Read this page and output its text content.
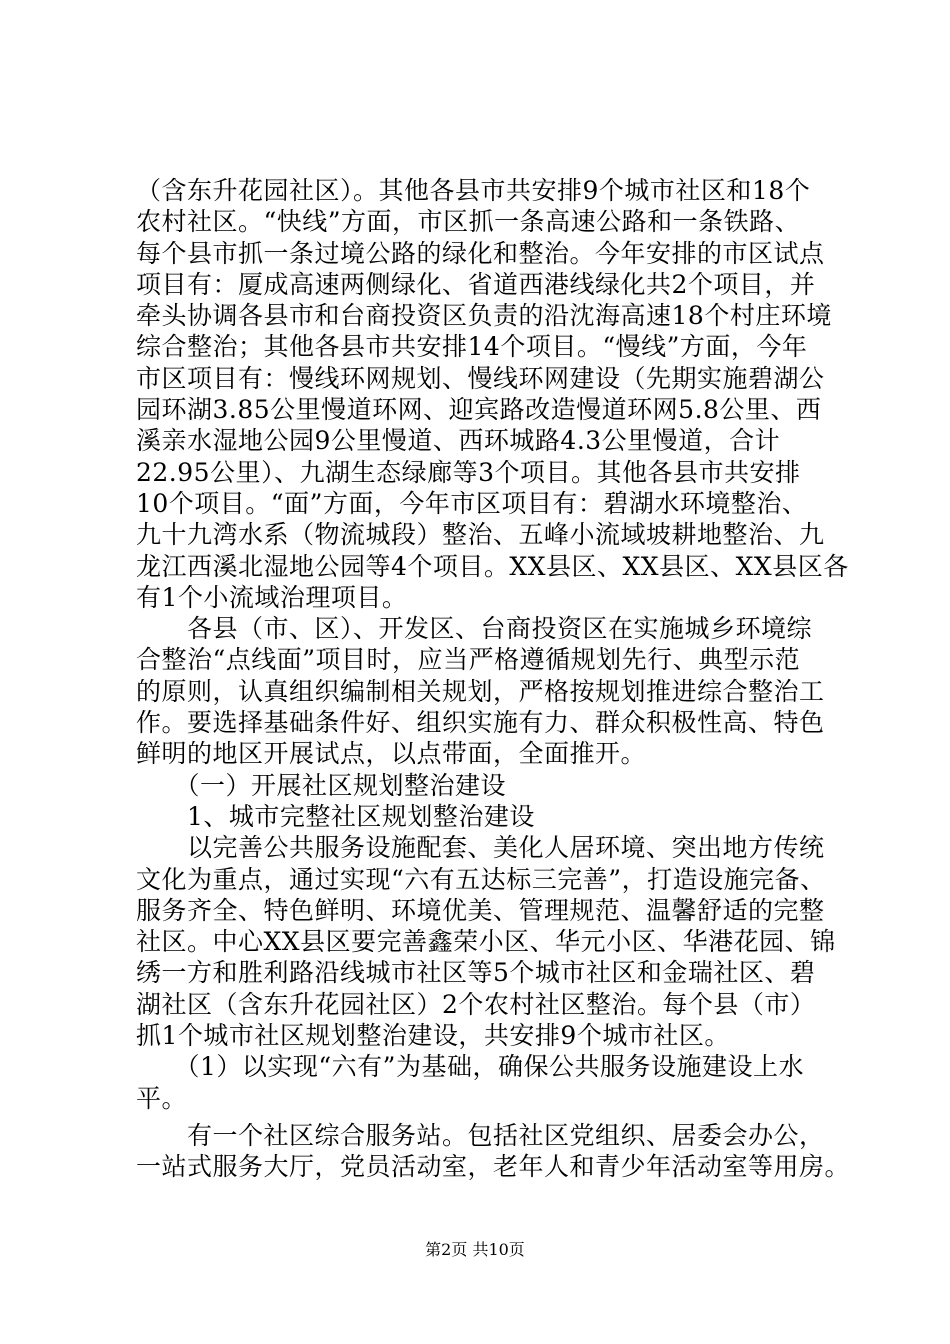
（含东升花园社区）。其他各县市共安排9个城市社区和18个
农村社区。“快线”方面，市区抓一条高速公路和一条铁路、
每个县市抓一条过境公路的绿化和整治。今年安排的市区试点
项目有：厦成高速两侧绿化、省道西港线绿化共2个项目，并
牵头协调各县市和台商投资区负责的沿沈海高速18个村庄环境
综合整治；其他各县市共安排14个项目。“慢线”方面，今年
市区项目有：慢线环网规划、慢线环网建设（先期实施碧湖公
园环湖3.85公里慢道环网、迎宾路改造慢道环网5.8公里、西
溪亲水湿地公园9公里慢道、西环城路4.3公里慢道，合计
22.95公里）、九湖生态绿廊等3个项目。其他各县市共安排
10个项目。“面”方面，今年市区项目有：碧湖水环境整治、
九十九湾水系（物流城段）整治、五峰小流域坡耕地整治、九
龙江西溪北湿地公园等4个项目。XX县区、XX县区、XX县区各
有1个小流域治理项目。
　　各县（市、区）、开发区、台商投资区在实施城乡环境综
合整治“点线面”项目时，应当严格遵循规划先行、典型示范
的原则，认真组织编制相关规划，严格按规划推进综合整治工
作。要选择基础条件好、组织实施有力、群众积极性高、特色
鲜明的地区开展试点，以点带面，全面推开。
　　（一）开展社区规划整治建设
　　1、城市完整社区规划整治建设
　　以完善公共服务设施配套、美化人居环境、突出地方传统
文化为重点，通过实现“六有五达标三完善”，打造设施完备、
服务齐全、特色鲜明、环境优美、管理规范、温馨舒适的完整
社区。中心XX县区要完善鑫荣小区、华元小区、华港花园、锦
绣一方和胜利路沿线城市社区等5个城市社区和金瑞社区、碧
湖社区（含东升花园社区）2个农村社区整治。每个县（市）
抓1个城市社区规划整治建设，共安排9个城市社区。
　　（1）以实现“六有”为基础，确保公共服务设施建设上水
平。
　　有一个社区综合服务站。包括社区党组织、居委会办公，
一站式服务大厅，党员活动室，老年人和青少年活动室等用房。
第2页 共10页
